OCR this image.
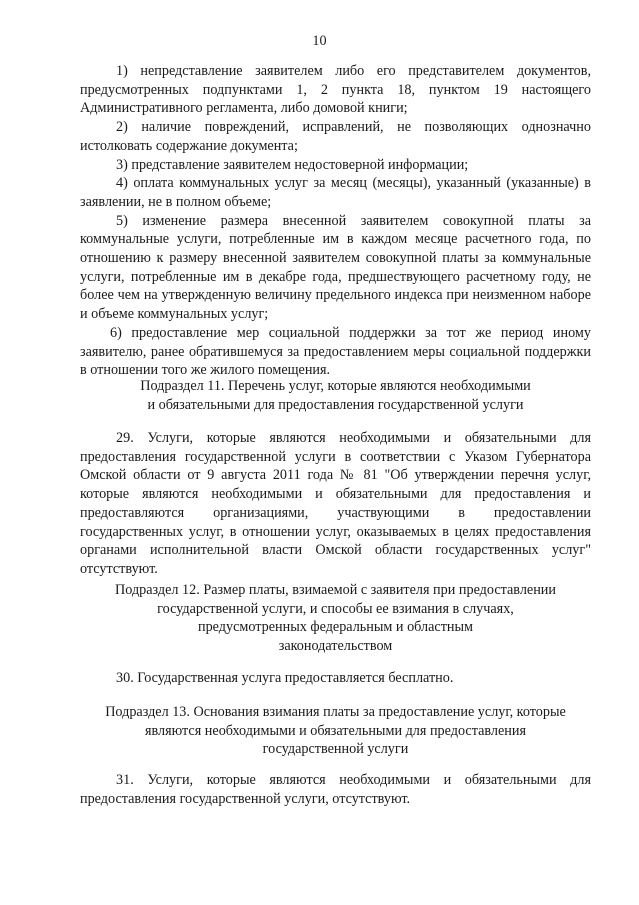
10

1) непредставление заявителем либо его представителем документов, предусмотренных подпунктами 1, 2 пункта 18, пунктом 19 настоящего Административного регламента, либо домовой книги;

2) наличие повреждений, исправлений, не позволяющих однозначно истолковать содержание документа;

3) представление заявителем недостоверной информации;

4) оплата коммунальных услуг за месяц (месяцы), указанный (указанные) в заявлении, не в полном объеме;

5) изменение размера внесенной заявителем совокупной платы за коммунальные услуги, потребленные им в каждом месяце расчетного года, по отношению к размеру внесенной заявителем совокупной платы за коммунальные услуги, потребленные им в декабре года, предшествующего расчетному году, не более чем на утвержденную величину предельного индекса при неизменном наборе и объеме коммунальных услуг;

6) предоставление мер социальной поддержки за тот же период иному заявителю, ранее обратившемуся за предоставлением меры социальной поддержки в отношении того же жилого помещения.

Подраздел 11. Перечень услуг, которые являются необходимыми

и обязательными для предоставления государственной услуги

29. Услуги, которые являются необходимыми и обязательными для предоставления государственной услуги в соответствии с Указом Губернатора Омской области от 9 августа 2011 года № 81 "Об утверждении перечня услуг, которые являются необходимыми и обязательными для предоставления и предоставляются организациями, участвующими в предоставлении государственных услуг, в отношении услуг, оказываемых в целях предоставления органами исполнительной власти Омской области государственных услуг" отсутствуют.

Подраздел 12. Размер платы, взимаемой с заявителя при предоставлении

государственной услуги, и способы ее взимания в случаях,

предусмотренных федеральным и областным

законодательством

30. Государственная услуга предоставляется бесплатно.

Подраздел 13. Основания взимания платы за предоставление услуг, которые

являются необходимыми и обязательными для предоставления

государственной услуги

31. Услуги, которые являются необходимыми и обязательными для предоставления государственной услуги, отсутствуют.
